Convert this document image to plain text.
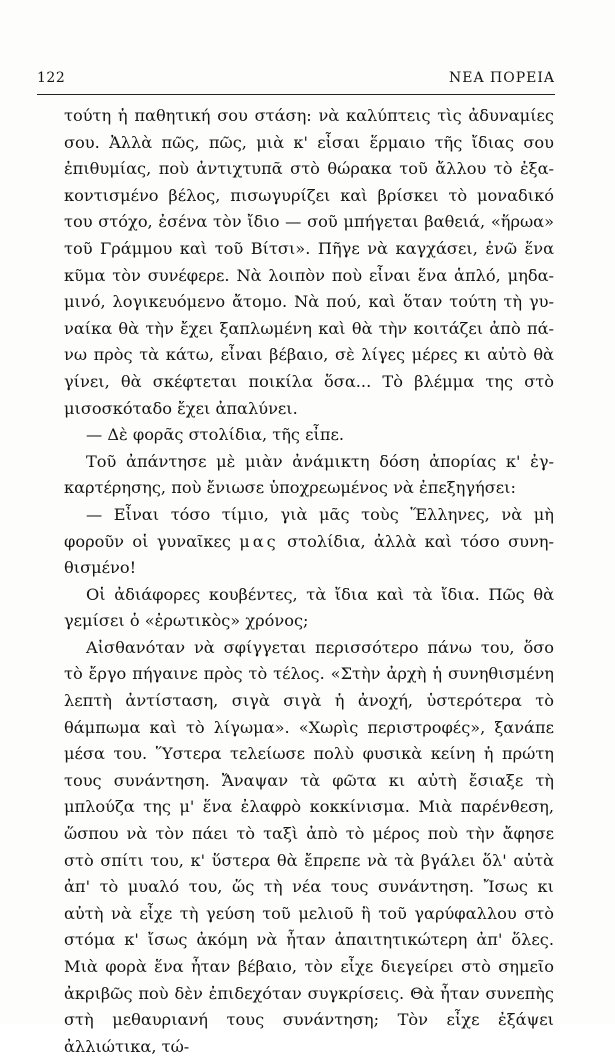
122	ΝΕΑ ΠΟΡΕΙΑ

τούτη ἡ παθητική σου στάση: νὰ καλύπτεις τὶς ἀδυναμίες σου. Ἀλλὰ πῶς, πῶς, μιὰ κ' εἶσαι ἕρμαιο τῆς ἴδιας σου ἐπιθυμίας, ποὺ ἀντιχτυπᾶ στὸ θώρακα τοῦ ἄλλου τὸ ἐξακοντισμένο βέλος, πισωγυρίζει καὶ βρίσκει τὸ μοναδικό του στόχο, ἐσένα τὸν ἴδιο — σοῦ μπήγεται βαθειά, «ἥρωα» τοῦ Γράμμου καὶ τοῦ Βίτσι». Πῆγε νὰ καγχάσει, ἐνῶ ἕνα κῦμα τὸν συνέφερε. Νὰ λοιπὸν ποὺ εἶναι ἕνα ἁπλό, μηδαμινό, λογικευόμενο ἄτομο. Νὰ πού, καὶ ὅταν τούτη τὴ γυναίκα θὰ τὴν ἔχει ξαπλωμένη καὶ θὰ τὴν κοιτάζει ἀπὸ πάνω πρὸς τὰ κάτω, εἶναι βέβαιο, σὲ λίγες μέρες κι αὐτὸ θὰ γίνει, θὰ σκέφτεται ποικίλα ὅσα... Τὸ βλέμμα της στὸ μισοσκόταδο ἔχει ἀπαλύνει.

— Δὲ φορᾶς στολίδια, τῆς εἶπε.

Τοῦ ἀπάντησε μὲ μιὰν ἀνάμικτη δόση ἀπορίας κ' ἐγκαρτέρησης, ποὺ ἔνιωσε ὑποχρεωμένος νὰ ἐπεξηγήσει:

— Εἶναι τόσο τίμιο, γιὰ μᾶς τοὺς Ἕλληνες, νὰ μὴ φοροῦν οἱ γυναῖκες μας στολίδια, ἀλλὰ καὶ τόσο συνηθισμένο!

Οἱ ἀδιάφορες κουβέντες, τὰ ἴδια καὶ τὰ ἴδια. Πῶς θὰ γεμίσει ὁ «ἐρωτικὸς» χρόνος;

Αἰσθανόταν νὰ σφίγγεται περισσότερο πάνω του, ὅσο τὸ ἔργο πήγαινε πρὸς τὸ τέλος. «Στὴν ἀρχὴ ἡ συνηθισμένη λεπτὴ ἀντίσταση, σιγὰ σιγὰ ἡ ἀνοχή, ὑστερότερα τὸ θάμπωμα καὶ τὸ λίγωμα». «Χωρὶς περιστροφές», ξανάπε μέσα του. Ὕστερα τελείωσε πολὺ φυσικὰ κείνη ἡ πρώτη τους συνάντηση. Ἄναψαν τὰ φῶτα κι αὐτὴ ἔσιαξε τὴ μπλούζα της μ' ἕνα ἐλαφρὸ κοκκίνισμα. Μιὰ παρένθεση, ὥσπου νὰ τὸν πάει τὸ ταξὶ ἀπὸ τὸ μέρος ποὺ τὴν ἄφησε στὸ σπίτι του, κ' ὕστερα θὰ ἔπρεπε νὰ τὰ βγάλει ὅλ' αὐτὰ ἀπ' τὸ μυαλό του, ὥς τὴ νέα τους συνάντηση. Ἴσως κι αὐτὴ νὰ εἶχε τὴ γεύση τοῦ μελιοῦ ἢ τοῦ γαρύφαλλου στὸ στόμα κ' ἴσως ἀκόμη νὰ ἦταν ἀπαιτητικώτερη ἀπ' ὅλες. Μιὰ φορὰ ἕνα ἦταν βέβαιο, τὸν εἶχε διεγείρει στὸ σημεῖο ἀκριβῶς ποὺ δὲν ἐπιδεχόταν συγκρίσεις. Θὰ ἦταν συνεπὴς στὴ μεθαυριανή τους συνάντηση; Τὸν εἶχε ἐξάψει ἀλλιώτικα, τώ-
